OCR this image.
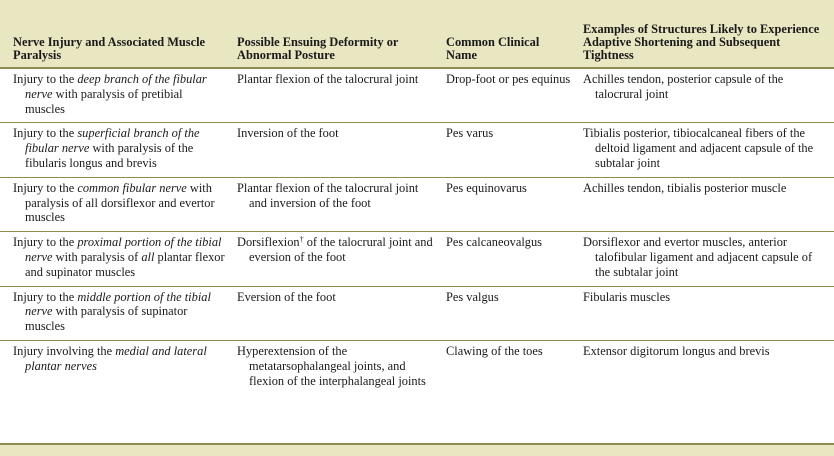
Nerve Injury and Associated Muscle Paralysis	Possible Ensuing Deformity or Abnormal Posture	Common Clinical Name	Examples of Structures Likely to Experience Adaptive Shortening and Subsequent Tightness

Injury to the deep branch of the fibular nerve with paralysis of pretibial muscles	Plantar flexion of the talocrural joint	Drop-foot or pes equinus	Achilles tendon, posterior capsule of the talocrural joint

Injury to the superficial branch of the fibular nerve with paralysis of the fibularis longus and brevis	Inversion of the foot	Pes varus	Tibialis posterior, tibiocalcaneal fibers of the deltoid ligament and adjacent capsule of the subtalar joint

Injury to the common fibular nerve with paralysis of all dorsiflexor and evertor muscles	Plantar flexion of the talocrural joint and inversion of the foot	Pes equinovarus	Achilles tendon, tibialis posterior muscle

Injury to the proximal portion of the tibial nerve with paralysis of all plantar flexor and supinator muscles	Dorsiflexion† of the talocrural joint and eversion of the foot	Pes calcaneovalgus	Dorsiflexor and evertor muscles, anterior talofibular ligament and adjacent capsule of the subtalar joint

Injury to the middle portion of the tibial nerve with paralysis of supinator muscles	Eversion of the foot	Pes valgus	Fibularis muscles

Injury involving the medial and lateral plantar nerves	Hyperextension of the metatarsophalangeal joints, and flexion of the interphalangeal joints	Clawing of the toes	Extensor digitorum longus and brevis
